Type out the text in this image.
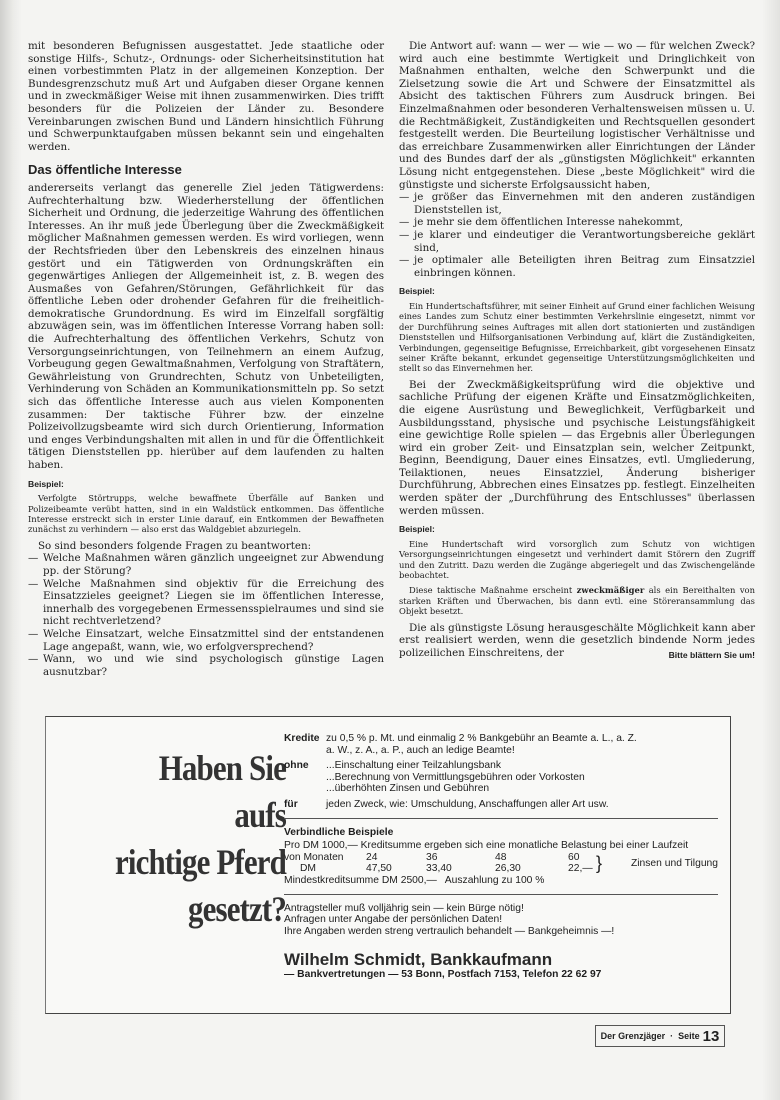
mit besonderen Befugnissen ausgestattet. Jede staatliche oder sonstige Hilfs-, Schutz-, Ordnungs- oder Sicherheitsinstitution hat einen vorbestimmten Platz in der allgemeinen Konzeption. Der Bundesgrenzschutz muß Art und Aufgaben dieser Organe kennen und in zweckmäßiger Weise mit ihnen zusammenwirken. Dies trifft besonders für die Polizeien der Länder zu. Besondere Vereinbarungen zwischen Bund und Ländern hinsichtlich Führung und Schwerpunktaufgaben müssen bekannt sein und eingehalten werden.

Das öffentliche Interesse

andererseits verlangt das generelle Ziel jeden Tätigwerdens: Aufrechterhaltung bzw. Wiederherstellung der öffentlichen Sicherheit und Ordnung, die jederzeitige Wahrung des öffentlichen Interesses. An ihr muß jede Überlegung über die Zweckmäßigkeit möglicher Maßnahmen gemessen werden. Es wird vorliegen, wenn der Rechtsfrieden über den Lebenskreis des einzelnen hinaus gestört und ein Tätigwerden von Ordnungskräften ein gegenwärtiges Anliegen der Allgemeinheit ist, z. B. wegen des Ausmaßes von Gefahren/Störungen, Gefährlichkeit für das öffentliche Leben oder drohender Gefahren für die freiheitlich-demokratische Grundordnung. Es wird im Einzelfall sorgfältig abzuwägen sein, was im öffentlichen Interesse Vorrang haben soll: die Aufrechterhaltung des öffentlichen Verkehrs, Schutz von Versorgungseinrichtungen, von Teilnehmern an einem Aufzug, Vorbeugung gegen Gewaltmaßnahmen, Verfolgung von Straftätern, Gewährleistung von Grundrechten, Schutz von Unbeteiligten, Verhinderung von Schäden an Kommunikationsmitteln pp. So setzt sich das öffentliche Interesse auch aus vielen Komponenten zusammen: Der taktische Führer bzw. der einzelne Polizeivollzugsbeamte wird sich durch Orientierung, Information und enges Verbindungshalten mit allen in und für die Öffentlichkeit tätigen Dienststellen pp. hierüber auf dem laufenden zu halten haben.

Beispiel:

Verfolgte Störtrupps, welche bewaffnete Überfälle auf Banken und Polizeibeamte verübt hatten, sind in ein Waldstück entkommen. Das öffentliche Interesse erstreckt sich in erster Linie darauf, ein Entkommen der Bewaffneten zunächst zu verhindern — also erst das Waldgebiet abzuriegeln.

So sind besonders folgende Fragen zu beantworten:

— Welche Maßnahmen wären gänzlich ungeeignet zur Abwendung pp. der Störung?
— Welche Maßnahmen sind objektiv für die Erreichung des Einsatzzieles geeignet? Liegen sie im öffentlichen Interesse, innerhalb des vorgegebenen Ermessensspielraumes und sind sie nicht rechtverletzend?
— Welche Einsatzart, welche Einsatzmittel sind der entstandenen Lage angepaßt, wann, wie, wo erfolgversprechend?
— Wann, wo und wie sind psychologisch günstige Lagen ausnutzbar?

Die Antwort auf: wann — wer — wie — wo — für welchen Zweck? wird auch eine bestimmte Wertigkeit und Dringlichkeit von Maßnahmen enthalten, welche den Schwerpunkt und die Zielsetzung sowie die Art und Schwere der Einsatzmittel als Absicht des taktischen Führers zum Ausdruck bringen. Bei Einzelmaßnahmen oder besonderen Verhaltensweisen müssen u. U. die Rechtmäßigkeit, Zuständigkeiten und Rechtsquellen gesondert festgestellt werden. Die Beurteilung logistischer Verhältnisse und das erreichbare Zusammenwirken aller Einrichtungen der Länder und des Bundes darf der als „günstigsten Möglichkeit" erkannten Lösung nicht entgegenstehen. Diese „beste Möglichkeit" wird die günstigste und sicherste Erfolgsaussicht haben,

— je größer das Einvernehmen mit den anderen zuständigen Dienststellen ist,
— je mehr sie dem öffentlichen Interesse nahekommt,
— je klarer und eindeutiger die Verantwortungsbereiche geklärt sind,
— je optimaler alle Beteiligten ihren Beitrag zum Einsatzziel einbringen können.
Beispiel:

Ein Hundertschaftsführer, mit seiner Einheit auf Grund einer fachlichen Weisung eines Landes zum Schutz einer bestimmten Verkehrslinie eingesetzt, nimmt vor der Durchführung seines Auftrages mit allen dort stationierten und zuständigen Dienststellen und Hilfsorganisationen Verbindung auf, klärt die Zuständigkeiten, Verbindungen, gegenseitige Befugnisse, Erreichbarkeit, gibt vorgesehenen Einsatz seiner Kräfte bekannt, erkundet gegenseitige Unterstützungsmöglichkeiten und stellt so das Einvernehmen her.

Bei der Zweckmäßigkeitsprüfung wird die objektive und sachliche Prüfung der eigenen Kräfte und Einsatzmöglichkeiten, die eigene Ausrüstung und Beweglichkeit, Verfügbarkeit und Ausbildungsstand, physische und psychische Leistungsfähigkeit eine gewichtige Rolle spielen — das Ergebnis aller Überlegungen wird ein grober Zeit- und Einsatzplan sein, welcher Zeitpunkt, Beginn, Beendigung, Dauer eines Einsatzes, evtl. Umgliederung, Teilaktionen, neues Einsatzziel, Änderung bisheriger Durchführung, Abbrechen eines Einsatzes pp. festlegt. Einzelheiten werden später der „Durchführung des Entschlusses" überlassen werden müssen.

Beispiel:

Eine Hundertschaft wird vorsorglich zum Schutz von wichtigen Versorgungseinrichtungen eingesetzt und verhindert damit Störern den Zugriff und den Zutritt. Dazu werden die Zugänge abgeriegelt und das Zwischengelände beobachtet.

Diese taktische Maßnahme erscheint zweckmäßiger als ein Bereithalten von starken Kräften und Überwachen, bis dann evtl. eine Störeransammlung das Objekt besetzt.

Die als günstigste Lösung herausgeschälte Möglichkeit kann aber erst realisiert werden, wenn die gesetzlich bindende Norm jedes polizeilichen Einschreitens, der	Bitte blättern Sie um!

Haben Sie
aufs
richtige Pferd
gesetzt?
Kredite zu 0,5 % p. Mt. und einmalig 2 % Bankgebühr an Beamte a. L., a. Z.
a. W., z. A., a. P., auch an ledige Beamte!
ohne	...Einschaltung einer Teilzahlungsbank
...Berechnung von Vermittlungsgebühren oder Vorkosten
...überhöhten Zinsen und Gebühren
für	jeden Zweck, wie: Umschuldung, Anschaffungen aller Art usw.
Verbindliche Beispiele
Pro DM 1000,— Kreditsumme ergeben sich eine monatliche Belastung bei einer Laufzeit
von Monaten	24	36	48	60 }	Zinsen und Tilgung
DM	47,50	33,40	26,30	22,—
Mindestkreditsumme DM 2500,—   Auszahlung zu 100 %
Antragsteller muß volljährig sein — kein Bürge nötig!
Anfragen unter Angabe der persönlichen Daten!
Ihre Angaben werden streng vertraulich behandelt — Bankgeheimnis —!
Wilhelm Schmidt, Bankkaufmann
— Bankvertretungen — 53 Bonn, Postfach 7153, Telefon 22 62 97
Der Grenzjäger · Seite 13
